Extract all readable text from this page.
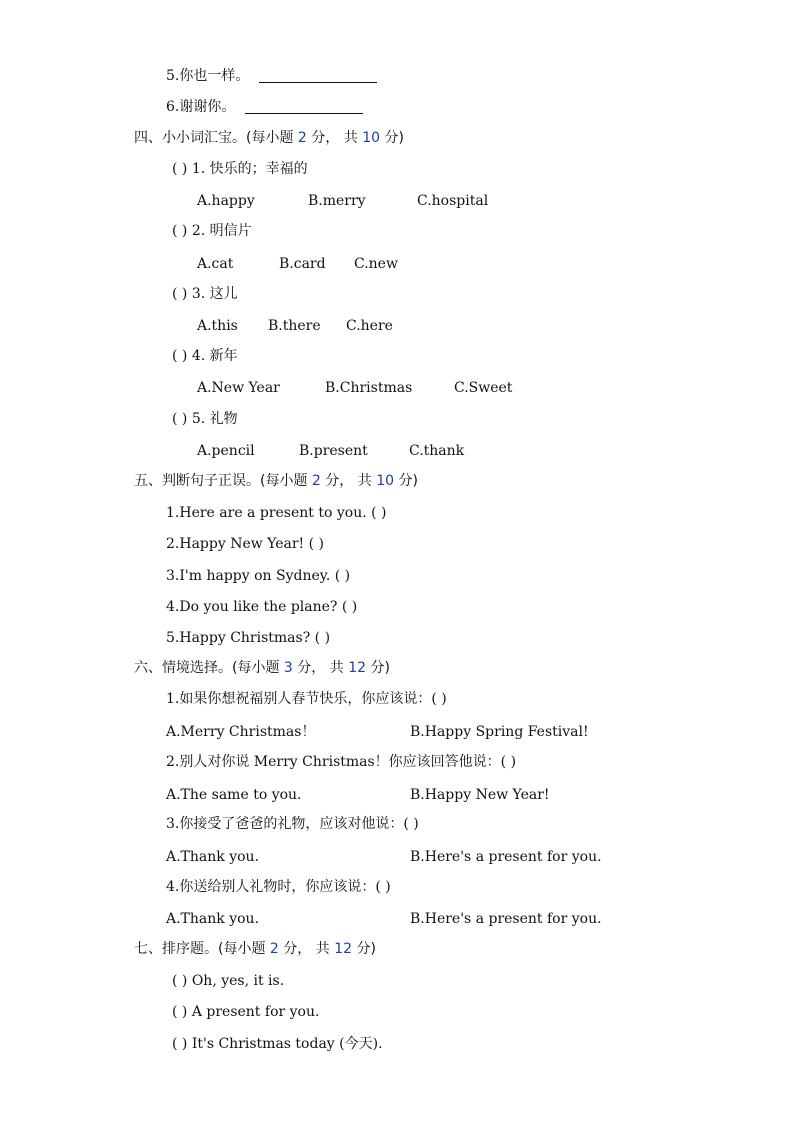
5.你也一样。
6.谢谢你。
四、小小词汇宝。(每小题 2 分， 共 10 分)
( ) 1. 快乐的；幸福的
A.happy	B.merry	C.hospital
( ) 2. 明信片
A.cat	B.card C.new
( ) 3. 这儿
A.this B.there C.here
( ) 4. 新年
A.New Year	B.Christmas	C.Sweet
( ) 5. 礼物
A.pencil	B.present	C.thank
五、判断句子正误。(每小题 2 分， 共 10 分)
1.Here are a present to you. ( )
2.Happy New Year! ( )
3.I'm happy on Sydney. ( )
4.Do you like the plane? ( )
5.Happy Christmas? ( )
六、情境选择。(每小题 3 分， 共 12 分)
1.如果你想祝福别人春节快乐，你应该说：( )
A.Merry Christmas！	B.Happy Spring Festival!
2.别人对你说 Merry Christmas！你应该回答他说：( )
A.The same to you.	B.Happy New Year!
3.你接受了爸爸的礼物，应该对他说：( )
A.Thank you.	B.Here's a present for you.
4.你送给别人礼物时，你应该说：( )
A.Thank you.	B.Here's a present for you.
七、排序题。(每小题 2 分， 共 12 分)
( ) Oh, yes, it is.
( ) A present for you.
( ) It's Christmas today (今天).
